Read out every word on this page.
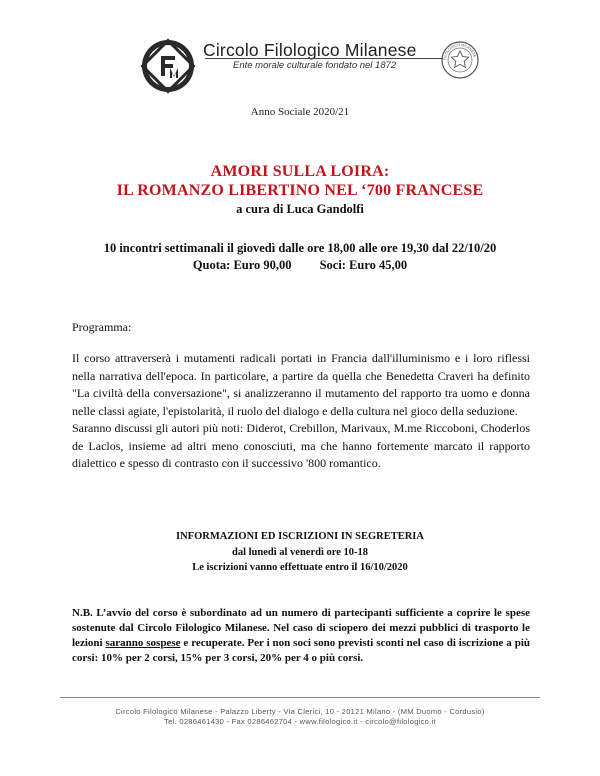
Circolo Filologico Milanese
Ente morale culturale fondato nel 1872
FILOLOGICO MILANESE
Anno Sociale 2020/21
AMORI SULLA LOIRA:
IL ROMANZO LIBERTINO NEL ‘700 FRANCESE
a cura di Luca Gandolfi
10 incontri settimanali il giovedì dalle ore 18,00 alle ore 19,30 dal 22/10/20
Quota: Euro 90,00 Soci: Euro 45,00
Programma:

Il corso attraverserà i mutamenti radicali portati in Francia dall'illuminismo e i loro riflessi nella narrativa dell'epoca. In particolare, a partire da quella che Benedetta Craveri ha definito "La civiltà della conversazione", si analizzeranno il mutamento del rapporto tra uomo e donna nelle classi agiate, l'epistolarità, il ruolo del dialogo e della cultura nel gioco della seduzione.

Saranno discussi gli autori più noti: Diderot, Crebillon, Marivaux, M.me Riccoboni, Choderlos de Laclos, insieme ad altri meno conosciuti, ma che hanno fortemente marcato il rapporto dialettico e spesso di contrasto con il successivo '800 romantico.

INFORMAZIONI ED ISCRIZIONI IN SEGRETERIA
dal lunedì al venerdì ore 10-18
Le iscrizioni vanno effettuate entro il 16/10/2020
N.B. L’avvio del corso è subordinato ad un numero di partecipanti sufficiente a coprire le spese sostenute dal Circolo Filologico Milanese. Nel caso di sciopero dei mezzi pubblici di trasporto le lezioni saranno sospese e recuperate. Per i non soci sono previsti sconti nel caso di iscrizione a più corsi: 10% per 2 corsi, 15% per 3 corsi, 20% per 4 o più corsi.
Circolo Filologico Milanese - Palazzo Liberty - Via Clerici, 10 - 20121 Milano - (MM Duomo - Cordusio)
Tel. 0286461430 - Fax 0286462704 - www.filologico.it - circolo@filologico.it
